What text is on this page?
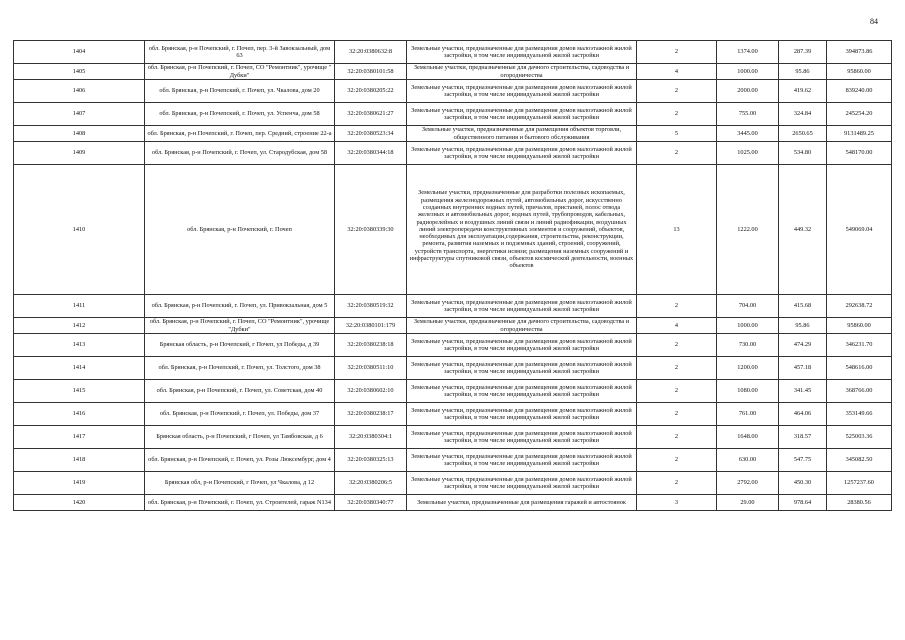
84
1404	обл. Брянская, р-н Почепский, г. Почеп, пер. 3-й Завокзальный, дом 63	32:20:0380632:8	Земельные участки, предназначенные для размещения домов малоэтажной жилой застройки, в том числе индивидуальной жилой застройки	2	1374.00	287.39	394873.86
1405	обл. Брянская, р-н Почепский, г. Почеп, СО "Ремонтник", урочище " Дубки"	32:20:0380101:58	Земельные участки, предназначенные для дачного строительства, садоводства и огородничества	4	1000.00	95.86	95860.00
1406	обл. Брянская, р-н Почепский, г. Почеп, ул. Чкалова, дом 20	32:20:0380205:22	Земельные участки, предназначенные для размещения домов малоэтажной жилой застройки, в том числе индивидуальной жилой застройки	2	2000.00	419.62	839240.00
1407	обл. Брянская, р-н Почепский, г. Почеп, ул. Успенча, дом 58	32:20:0380621:27	Земельные участки, предназначенные для размещения домов малоэтажной жилой застройки, в том числе индивидуальной жилой застройки	2	755.00	324.84	245254.20
1408	обл. Брянская, р-н Почепский, г. Почеп, пер. Средний, строение 22-а	32:20:0380523:34	Земельные участки, предназначенные для размещения объектов торговли, общественного питания и бытового обслуживания	5	3445.00	2650.65	9131489.25
1409	обл. Брянская, р-н Почепский, г. Почеп, ул. Стародубская, дом 58	32:20:0380344:18	Земельные участки, предназначенные для размещения домов малоэтажной жилой застройки, в том числе индивидуальной жилой застройки	2	1025.00	534.80	548170.00
1410	обл. Брянская, р-н Почепский, г. Почеп	32:20:0380339:30	Земельные участки, предназначенные для разработки полезных ископаемых, размещения железнодорожных путей, автомобильных дорог, искусственно созданных внутренних водных путей, причалов, пристаней, полос отвода железных и автомобильных дорог, водных путей, трубопроводов, кабельных, радиорелейных и воздушных линий связи и линий радиофикации, воздушных линий электропередачи конструктивных элементов и сооружений, объектов, необходимых для эксплуатации,содержания, строительства, реконструкции, ремонта, развития наземных и подземных зданий, строений, сооружений, устройств транспорта, энергетики исвязи; размещения наземных сооружений и инфраструктуры спутниковой связи, объектов космической деятельности, военных объектов	13	1222.00	449.32	549069.04
1411	обл. Брянская, р-н Почепский, г. Почеп, ул. Привокзальная, дом 5	32:20:0380519:32	Земельные участки, предназначенные для размещения домов малоэтажной жилой застройки, в том числе индивидуальной жилой застройки	2	704.00	415.68	292638.72
1412	обл. Брянская, р-н Почепский, г. Почеп, СО "Ремонтник", урочище "Дубки"	32:20:0380101:179	Земельные участки, предназначенные для дачного строительства, садоводства и огородничества	4	1000.00	95.86	95860.00
1413	Брянская область, р-н Почепский, г Почеп, ул Победы, д 39	32:20:0380238:18	Земельные участки, предназначенные для размещения домов малоэтажной жилой застройки, в том числе индивидуальной жилой застройки	2	730.00	474.29	346231.70
1414	обл. Брянская, р-н Почепский, г. Почеп, ул. Толстого, дом 38	32:20:0380511:10	Земельные участки, предназначенные для размещения домов малоэтажной жилой застройки, в том числе индивидуальной жилой застройки	2	1200.00	457.18	548616.00
1415	обл. Брянская, р-н Почепский, г. Почеп, ул. Советская, дом 40	32:20:0380602:10	Земельные участки, предназначенные для размещения домов малоэтажной жилой застройки, в том числе индивидуальной жилой застройки	2	1080.00	341.45	368766.00
1416	обл. Брянская, р-н Почепский, г. Почеп, ул. Победы, дом 37	32:20:0380238:17	Земельные участки, предназначенные для размещения домов малоэтажной жилой застройки, в том числе индивидуальной жилой застройки	2	761.00	464.06	353149.66
1417	Брянская область, р-н Почепский, г Почеп, ул Тамбовская, д 6	32:20:0380304:1	Земельные участки, предназначенные для размещения домов малоэтажной жилой застройки, в том числе индивидуальной жилой застройки	2	1648.00	318.57	525003.36
1418	обл. Брянская, р-н Почепский, г. Почеп, ул. Розы Люксембург, дом 4	32:20:0380325:13	Земельные участки, предназначенные для размещения домов малоэтажной жилой застройки, в том числе индивидуальной жилой застройки	2	630.00	547.75	345082.50
1419	Брянская обл, р-н Почепский, г Почеп, ул Чкалова, д 12	32:20:0380206:5	Земельные участки, предназначенные для размещения домов малоэтажной жилой застройки, в том числе индивидуальной жилой застройки	2	2792.00	450.30	1257237.60
1420	обл. Брянская, р-н Почепский, г. Почеп, ул. Строителей, гараж N134	32:20:0380340:77	Земельные участки, предназначенные для размещения гаражей и автостоянок	3	29.00	978.64	28380.56
